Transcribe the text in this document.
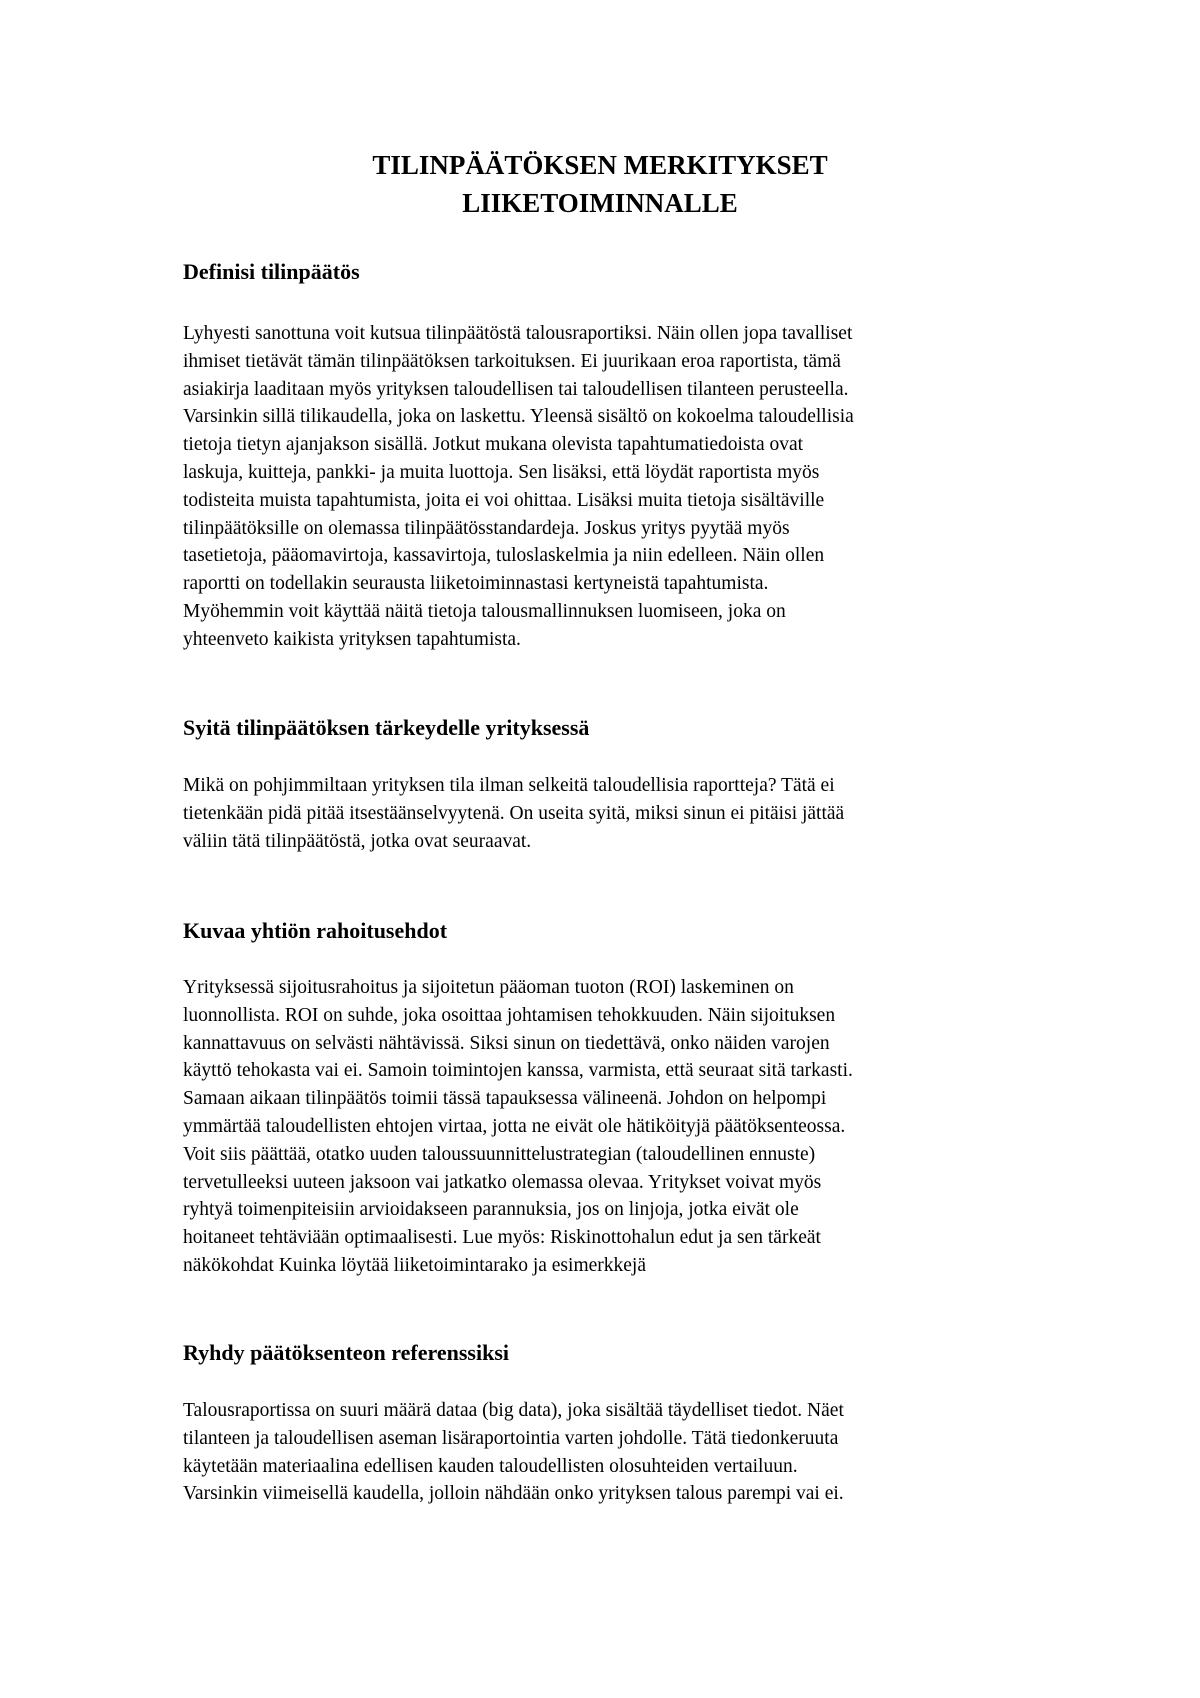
TILINPÄÄTÖKSEN MERKITYKSET
LIIKETOIMINNALLE
Definisi tilinpäätös
Lyhyesti sanottuna voit kutsua tilinpäätöstä talousraportiksi. Näin ollen jopa tavalliset
ihmiset tietävät tämän tilinpäätöksen tarkoituksen. Ei juurikaan eroa raportista, tämä
asiakirja laaditaan myös yrityksen taloudellisen tai taloudellisen tilanteen perusteella.
Varsinkin sillä tilikaudella, joka on laskettu. Yleensä sisältö on kokoelma taloudellisia
tietoja tietyn ajanjakson sisällä. Jotkut mukana olevista tapahtumatiedoista ovat
laskuja, kuitteja, pankki- ja muita luottoja. Sen lisäksi, että löydät raportista myös
todisteita muista tapahtumista, joita ei voi ohittaa. Lisäksi muita tietoja sisältäville
tilinpäätöksille on olemassa tilinpäätösstandardeja. Joskus yritys pyytää myös
tasetietoja, pääomavirtoja, kassavirtoja, tuloslaskelmia ja niin edelleen. Näin ollen
raportti on todellakin seurausta liiketoiminnastasi kertyneistä tapahtumista.
Myöhemmin voit käyttää näitä tietoja talousmallinnuksen luomiseen, joka on
yhteenveto kaikista yrityksen tapahtumista.
Syitä tilinpäätöksen tärkeydelle yrityksessä
Mikä on pohjimmiltaan yrityksen tila ilman selkeitä taloudellisia raportteja? Tätä ei
tietenkään pidä pitää itsestäänselvyytenä. On useita syitä, miksi sinun ei pitäisi jättää
väliin tätä tilinpäätöstä, jotka ovat seuraavat.
Kuvaa yhtiön rahoitusehdot
Yrityksessä sijoitusrahoitus ja sijoitetun pääoman tuoton (ROI) laskeminen on
luonnollista. ROI on suhde, joka osoittaa johtamisen tehokkuuden. Näin sijoituksen
kannattavuus on selvästi nähtävissä. Siksi sinun on tiedettävä, onko näiden varojen
käyttö tehokasta vai ei. Samoin toimintojen kanssa, varmista, että seuraat sitä tarkasti.
Samaan aikaan tilinpäätös toimii tässä tapauksessa välineenä. Johdon on helpompi
ymmärtää taloudellisten ehtojen virtaa, jotta ne eivät ole hätiköityjä päätöksenteossa.
Voit siis päättää, otatko uuden taloussuunnittelustrategian (taloudellinen ennuste)
tervetulleeksi uuteen jaksoon vai jatkatko olemassa olevaa. Yritykset voivat myös
ryhtyä toimenpiteisiin arvioidakseen parannuksia, jos on linjoja, jotka eivät ole
hoitaneet tehtäviään optimaalisesti. Lue myös: Riskinottohalun edut ja sen tärkeät
näkökohdat Kuinka löytää liiketoimintarako ja esimerkkejä
Ryhdy päätöksenteon referenssiksi
Talousraportissa on suuri määrä dataa (big data), joka sisältää täydelliset tiedot. Näet
tilanteen ja taloudellisen aseman lisäraportointia varten johdolle. Tätä tiedonkeruuta
käytetään materiaalina edellisen kauden taloudellisten olosuhteiden vertailuun.
Varsinkin viimeisellä kaudella, jolloin nähdään onko yrityksen talous parempi vai ei.
